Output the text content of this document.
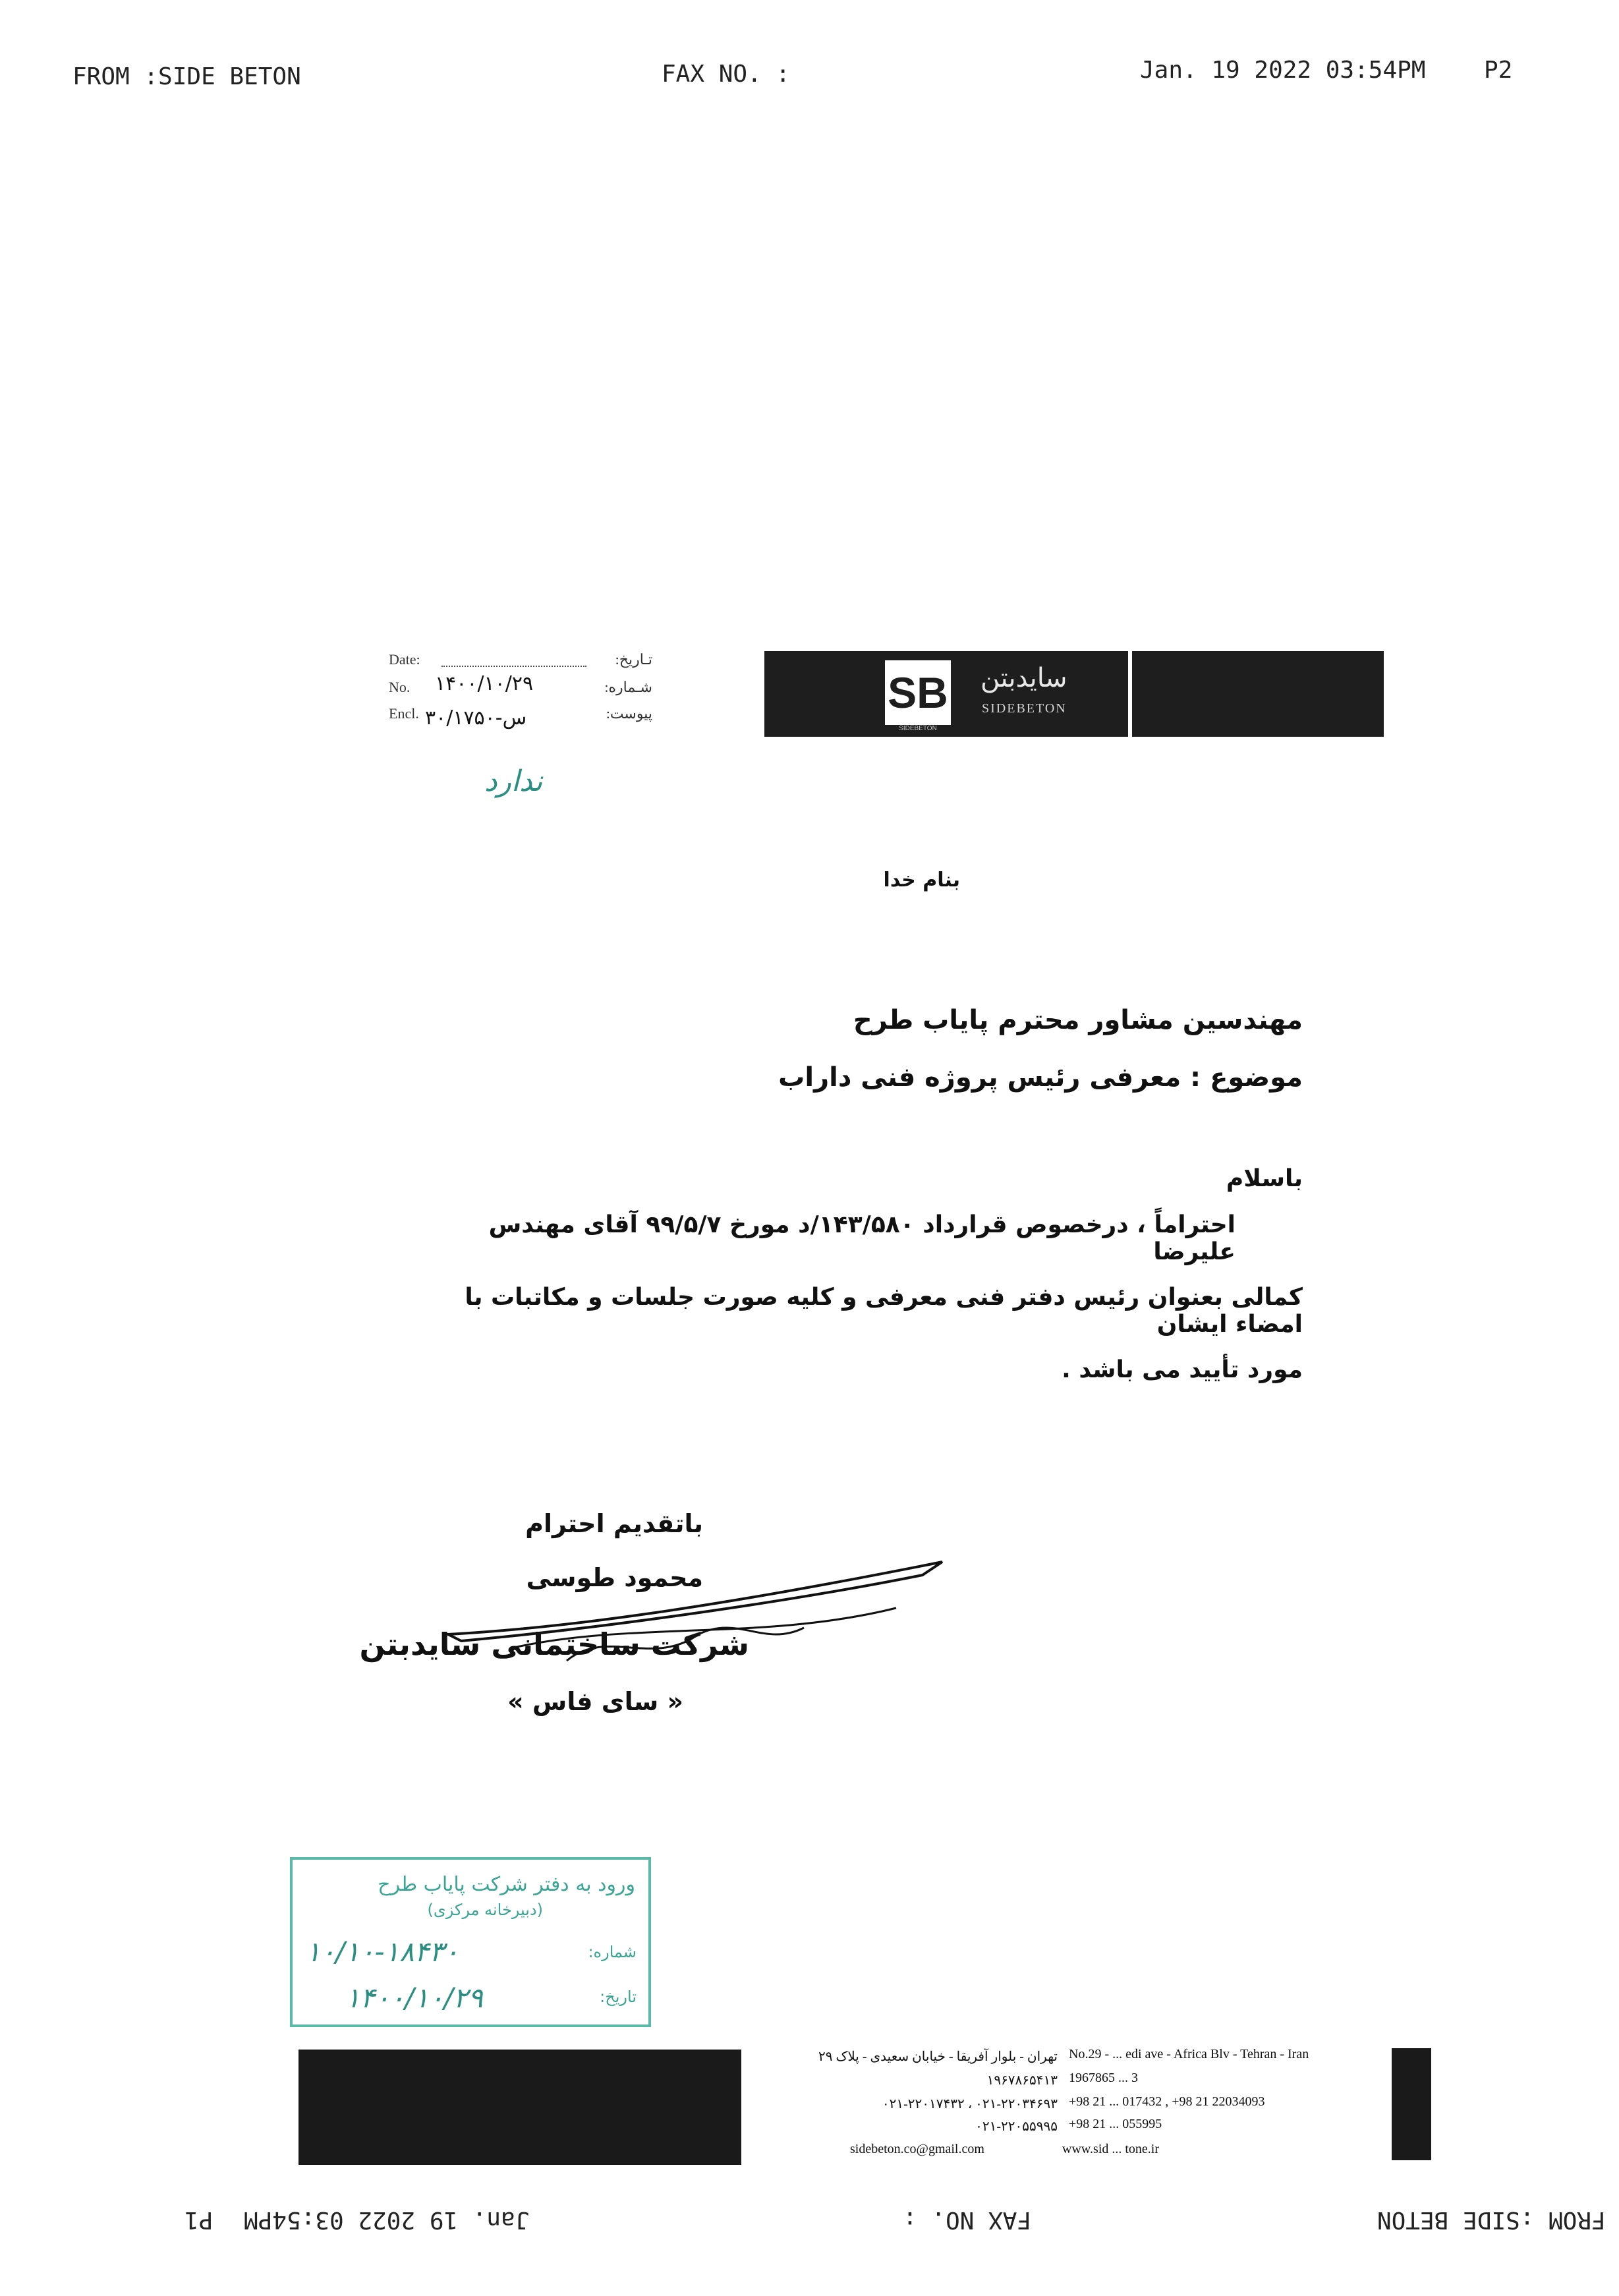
FROM :SIDE BETON	FAX NO. :	Jan. 19 2022 03:54PM P2
Date:	تـاریخ:
No. ۱۴۰۰/۱۰/۲۹	شـماره:
Encl. ۳۰/۱۷۵۰-س	پیوست:
ندارد
SB
SIDEBETON
سایدبتن
SIDEBETON
بنام خدا
مهندسین مشاور محترم پایاب طرح
موضوع : معرفی رئیس پروژه فنی داراب
باسلام
احتراماً ، درخصوص قرارداد ۱۴۳/۵۸۰/د مورخ ۹۹/۵/۷ آقای مهندس علیرضا
کمالی بعنوان رئیس دفتر فنی معرفی و کلیه صورت جلسات و مکاتبات با امضاء ایشان
مورد تأیید می باشد .
باتقدیم احترام
محمود طوسی
شرکت ساختمانی سایدبتن
« سای فاس »
ورود به دفتر شرکت پایاب طرح
(دبیرخانه مرکزی)
شماره:
۱۰/۱۰-۱۸۴۳۰
تاریخ:
۱۴۰۰/۱۰/۲۹
تهران - بلوار آفریقا - خیابان سعیدی - پلاک ۲۹ No.29 - ... edi ave - Africa Blv - Tehran - Iran
۱۹۶۷۸۶۵۴۱۳ 1967865 ... 3
۰۲۱-۲۲۰۱۷۴۳۲ ، ۰۲۱-۲۲۰۳۴۶۹۳ +98 21 ... 017432 , +98 21 22034093
۰۲۱-۲۲۰۵۵۹۹۵ +98 21 ... 055995
sidebeton.co@gmail.com	www.sid ... tone.ir
P1 Jan. 19 2022 03:54PM	FAX NO. :	FROM :SIDE BETON
